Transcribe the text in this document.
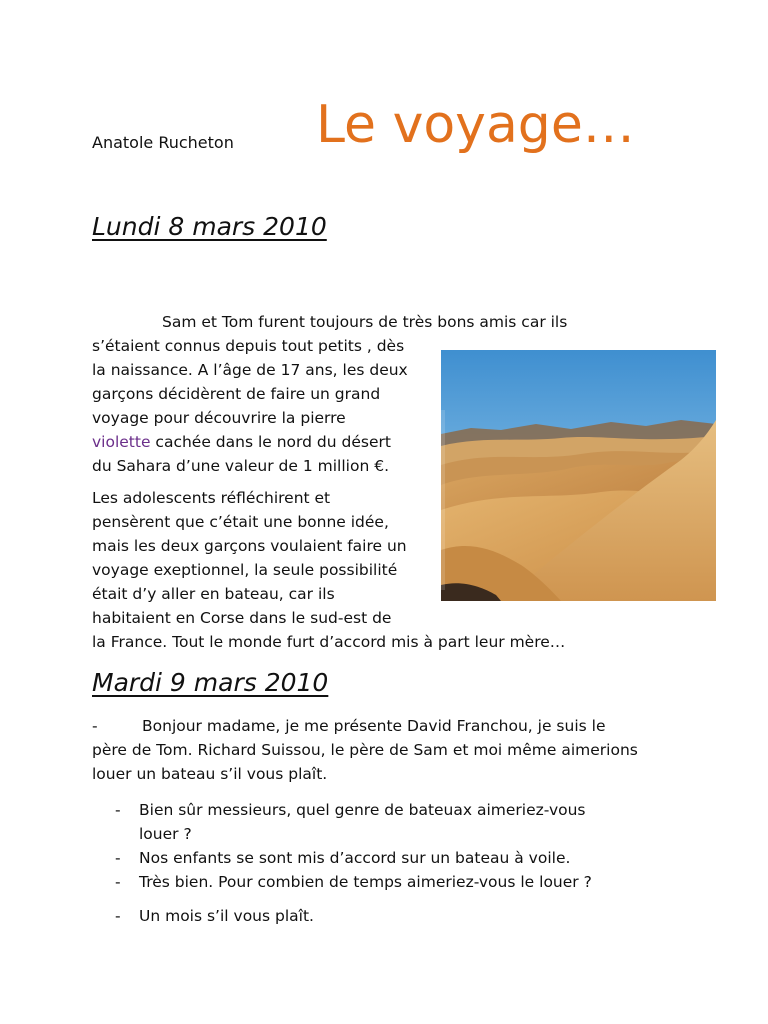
Anatole Rucheton Le voyage…
Lundi 8 mars 2010
Sam et Tom furent toujours de très bons amis car ils
s’étaient connus depuis tout petits , dès
la naissance. A l’âge de 17 ans, les deux
garçons décidèrent de faire un grand
voyage pour découvrire la pierre
violette cachée dans le nord du désert
du Sahara d’une valeur de 1 million €.
Les adolescents réfléchirent et
pensèrent que c’était une bonne idée,
mais les deux garçons voulaient faire un
voyage exeptionnel, la seule possibilité
était d’y aller en bateau, car ils
habitaient en Corse dans le sud-est de
la France. Tout le monde furt d’accord mis à part leur mère…
Mardi 9 mars 2010
-	Bonjour madame, je me présente David Franchou, je suis le
père de Tom. Richard Suissou, le père de Sam et moi même aimerions
louer un bateau s’il vous plaît.
- Bien sûr messieurs, quel genre de bateuax aimeriez-vous
louer ?
- Nos enfants se sont mis d’accord sur un bateau à voile.
- Très bien. Pour combien de temps aimeriez-vous le louer ?
- Un mois s’il vous plaît.
